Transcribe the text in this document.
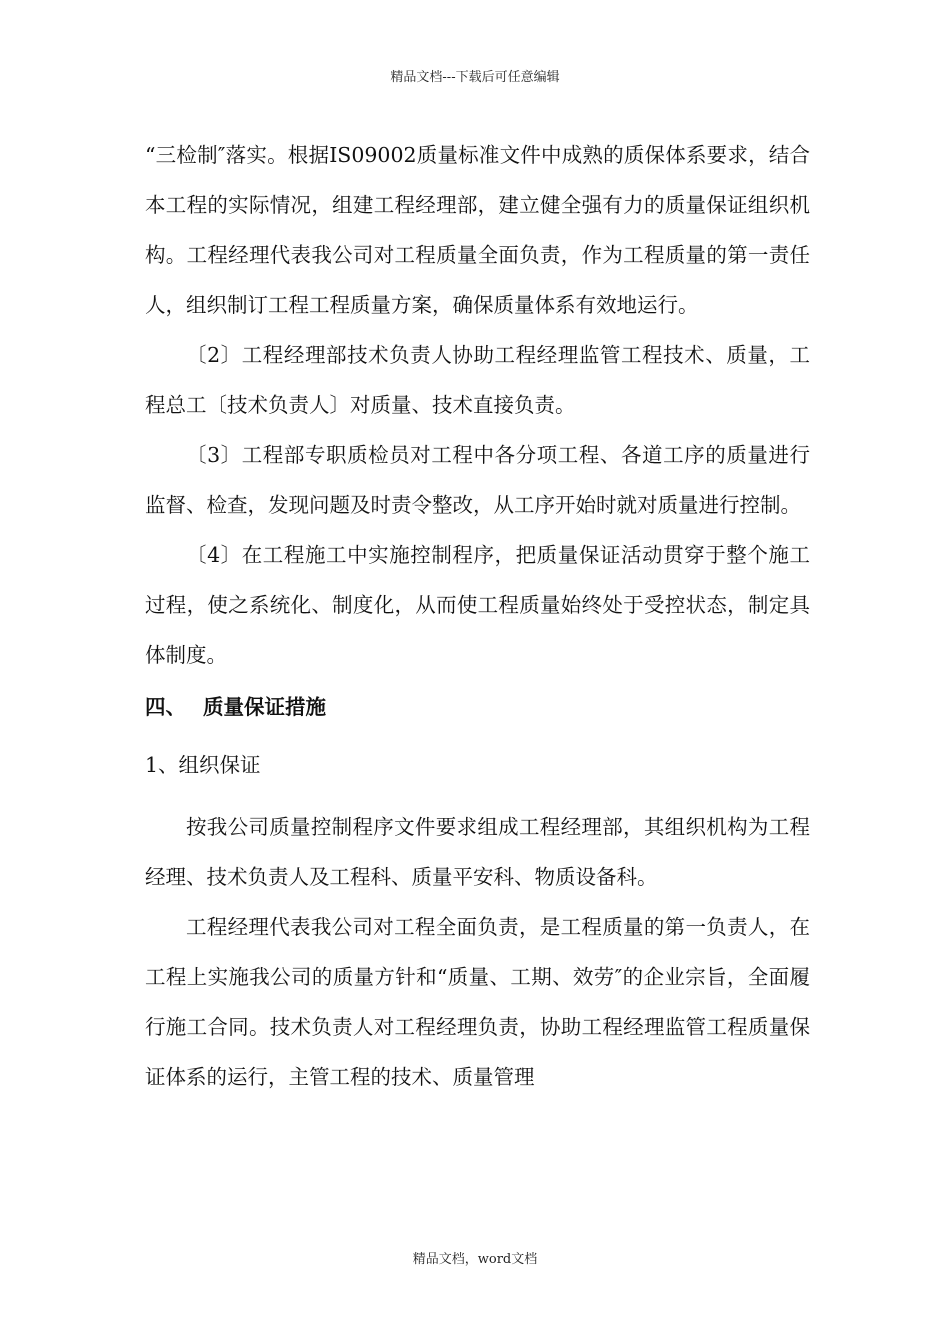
精品文档---下载后可任意编辑

“三检制″落实。根据IS09002质量标准文件中成熟的质保体系要求，结合本工程的实际情况，组建工程经理部，建立健全强有力的质量保证组织机构。工程经理代表我公司对工程质量全面负责，作为工程质量的第一责任人，组织制订工程工程质量方案，确保质量体系有效地运行。

〔2〕工程经理部技术负责人协助工程经理监管工程技术、质量，工程总工〔技术负责人〕对质量、技术直接负责。

〔3〕工程部专职质检员对工程中各分项工程、各道工序的质量进行监督、检查，发现问题及时责令整改，从工序开始时就对质量进行控制。

〔4〕在工程施工中实施控制程序，把质量保证活动贯穿于整个施工过程，使之系统化、制度化，从而使工程质量始终处于受控状态，制定具体制度。

四、 质量保证措施
1、组织保证

按我公司质量控制程序文件要求组成工程经理部，其组织机构为工程经理、技术负责人及工程科、质量平安科、物质设备科。

工程经理代表我公司对工程全面负责，是工程质量的第一负责人，在工程上实施我公司的质量方针和“质量、工期、效劳″的企业宗旨，全面履行施工合同。技术负责人对工程经理负责，协助工程经理监管工程质量保证体系的运行，主管工程的技术、质量管理

精品文档，word文档
